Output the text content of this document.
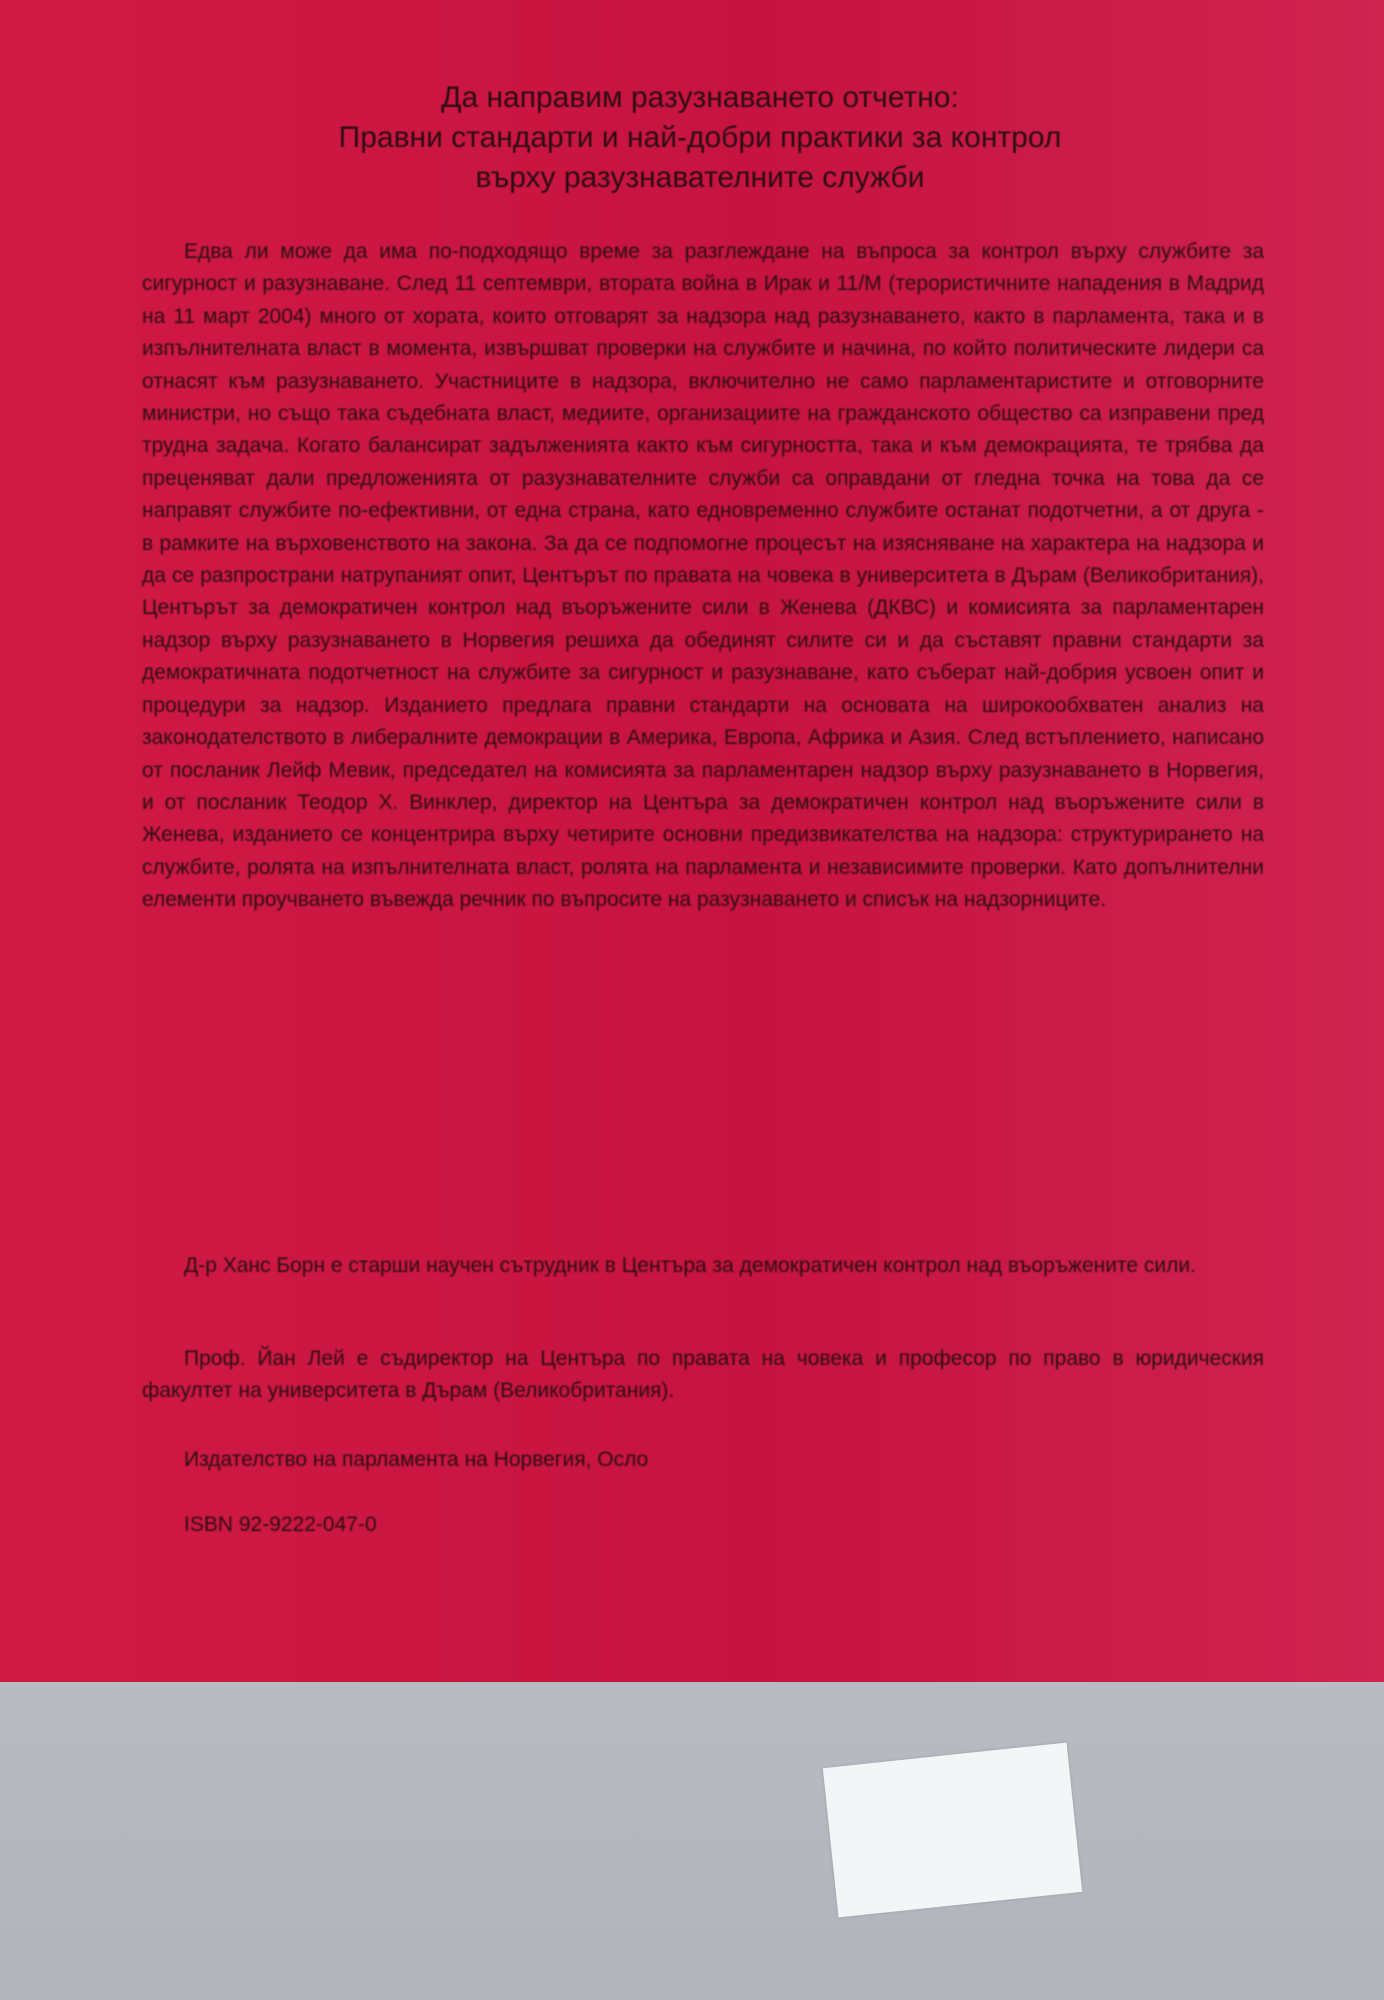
Да направим разузнаването отчетно:
Правни стандарти и най-добри практики за контрол
върху разузнавателните служби
Едва ли може да има по-подходящо време за разглеждане на въпроса за контрол върху службите за сигурност и разузнаване. След 11 септември, втората война в Ирак и 11/М (терористичните нападения в Мадрид на 11 март 2004) много от хората, които отговарят за надзора над разузнаването, както в парламента, така и в изпълнителната власт в момента, извършват проверки на службите и начина, по който политическите лидери са отнасят към разузнаването. Участниците в надзора, включително не само парламентаристите и отговорните министри, но също така съдебната власт, медиите, организациите на гражданското общество са изправени пред трудна задача. Когато балансират задълженията както към сигурността, така и към демокрацията, те трябва да преценяват дали предложенията от разузнавателните служби са оправдани от гледна точка на това да се направят службите по-ефективни, от една страна, като едновременно службите останат подотчетни, а от друга - в рамките на върховенството на закона. За да се подпомогне процесът на изясняване на характера на надзора и да се разпространи натрупаният опит, Центърът по правата на човека в университета в Дърам (Великобритания), Центърът за демократичен контрол над въоръжените сили в Женева (ДКВС) и комисията за парламентарен надзор върху разузнаването в Норвегия решиха да обединят силите си и да съставят правни стандарти за демократичната подотчетност на службите за сигурност и разузнаване, като съберат най-добрия усвоен опит и процедури за надзор. Изданието предлага правни стандарти на основата на широкообхватен анализ на законодателството в либералните демокрации в Америка, Европа, Африка и Азия. След встъплението, написано от посланик Лейф Мевик, председател на комисията за парламентарен надзор върху разузнаването в Норвегия, и от посланик Теодор Х. Винклер, директор на Центъра за демократичен контрол над въоръжените сили в Женева, изданието се концентрира върху четирите основни предизвикателства на надзора: структурирането на службите, ролята на изпълнителната власт, ролята на парламента и независимите проверки. Като допълнителни елементи проучването въвежда речник по въпросите на разузнаването и списък на надзорниците.
Д-р Ханс Борн е старши научен сътрудник в Центъра за демократичен контрол над въоръжените сили.
Проф. Йан Лей е съдиректор на Центъра по правата на човека и професор по право в юридическия факултет на университета в Дърам (Великобритания).
Издателство на парламента на Норвегия, Осло
ISBN 92-9222-047-0
